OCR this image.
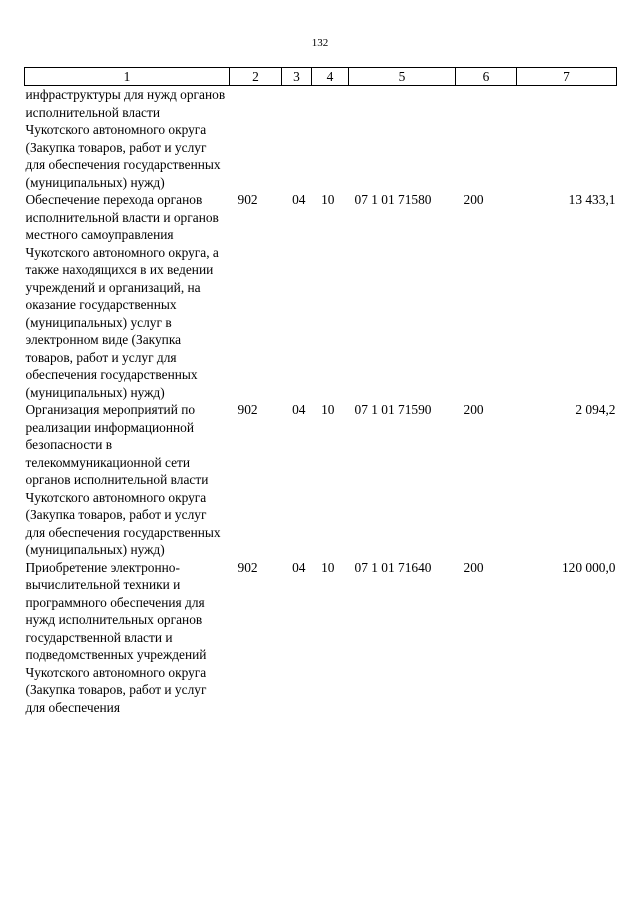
132
1	2	3	4	5	6	7
инфраструктуры для нужд органов исполнительной власти Чукотского автономного округа (Закупка товаров, работ и услуг для обеспечения государственных (муниципальных) нужд)						
Обеспечение перехода органов исполнительной власти и органов местного самоуправления Чукотского автономного округа, а также находящихся в их ведении учреждений и организаций, на оказание государственных (муниципальных) услуг в электронном виде (Закупка товаров, работ и услуг для обеспечения государственных (муниципальных) нужд)	902	04	10	07 1 01 71580	200	13 433,1
Организация мероприятий по реализации информационной безопасности в телекоммуникационной сети органов исполнительной власти Чукотского автономного округа (Закупка товаров, работ и услуг для обеспечения государственных (муниципальных) нужд)	902	04	10	07 1 01 71590	200	2 094,2
Приобретение электронно-вычислительной техники и программного обеспечения для нужд исполнительных органов государственной власти и подведомственных учреждений Чукотского автономного округа (Закупка товаров, работ и услуг для обеспечения	902	04	10	07 1 01 71640	200	120 000,0
